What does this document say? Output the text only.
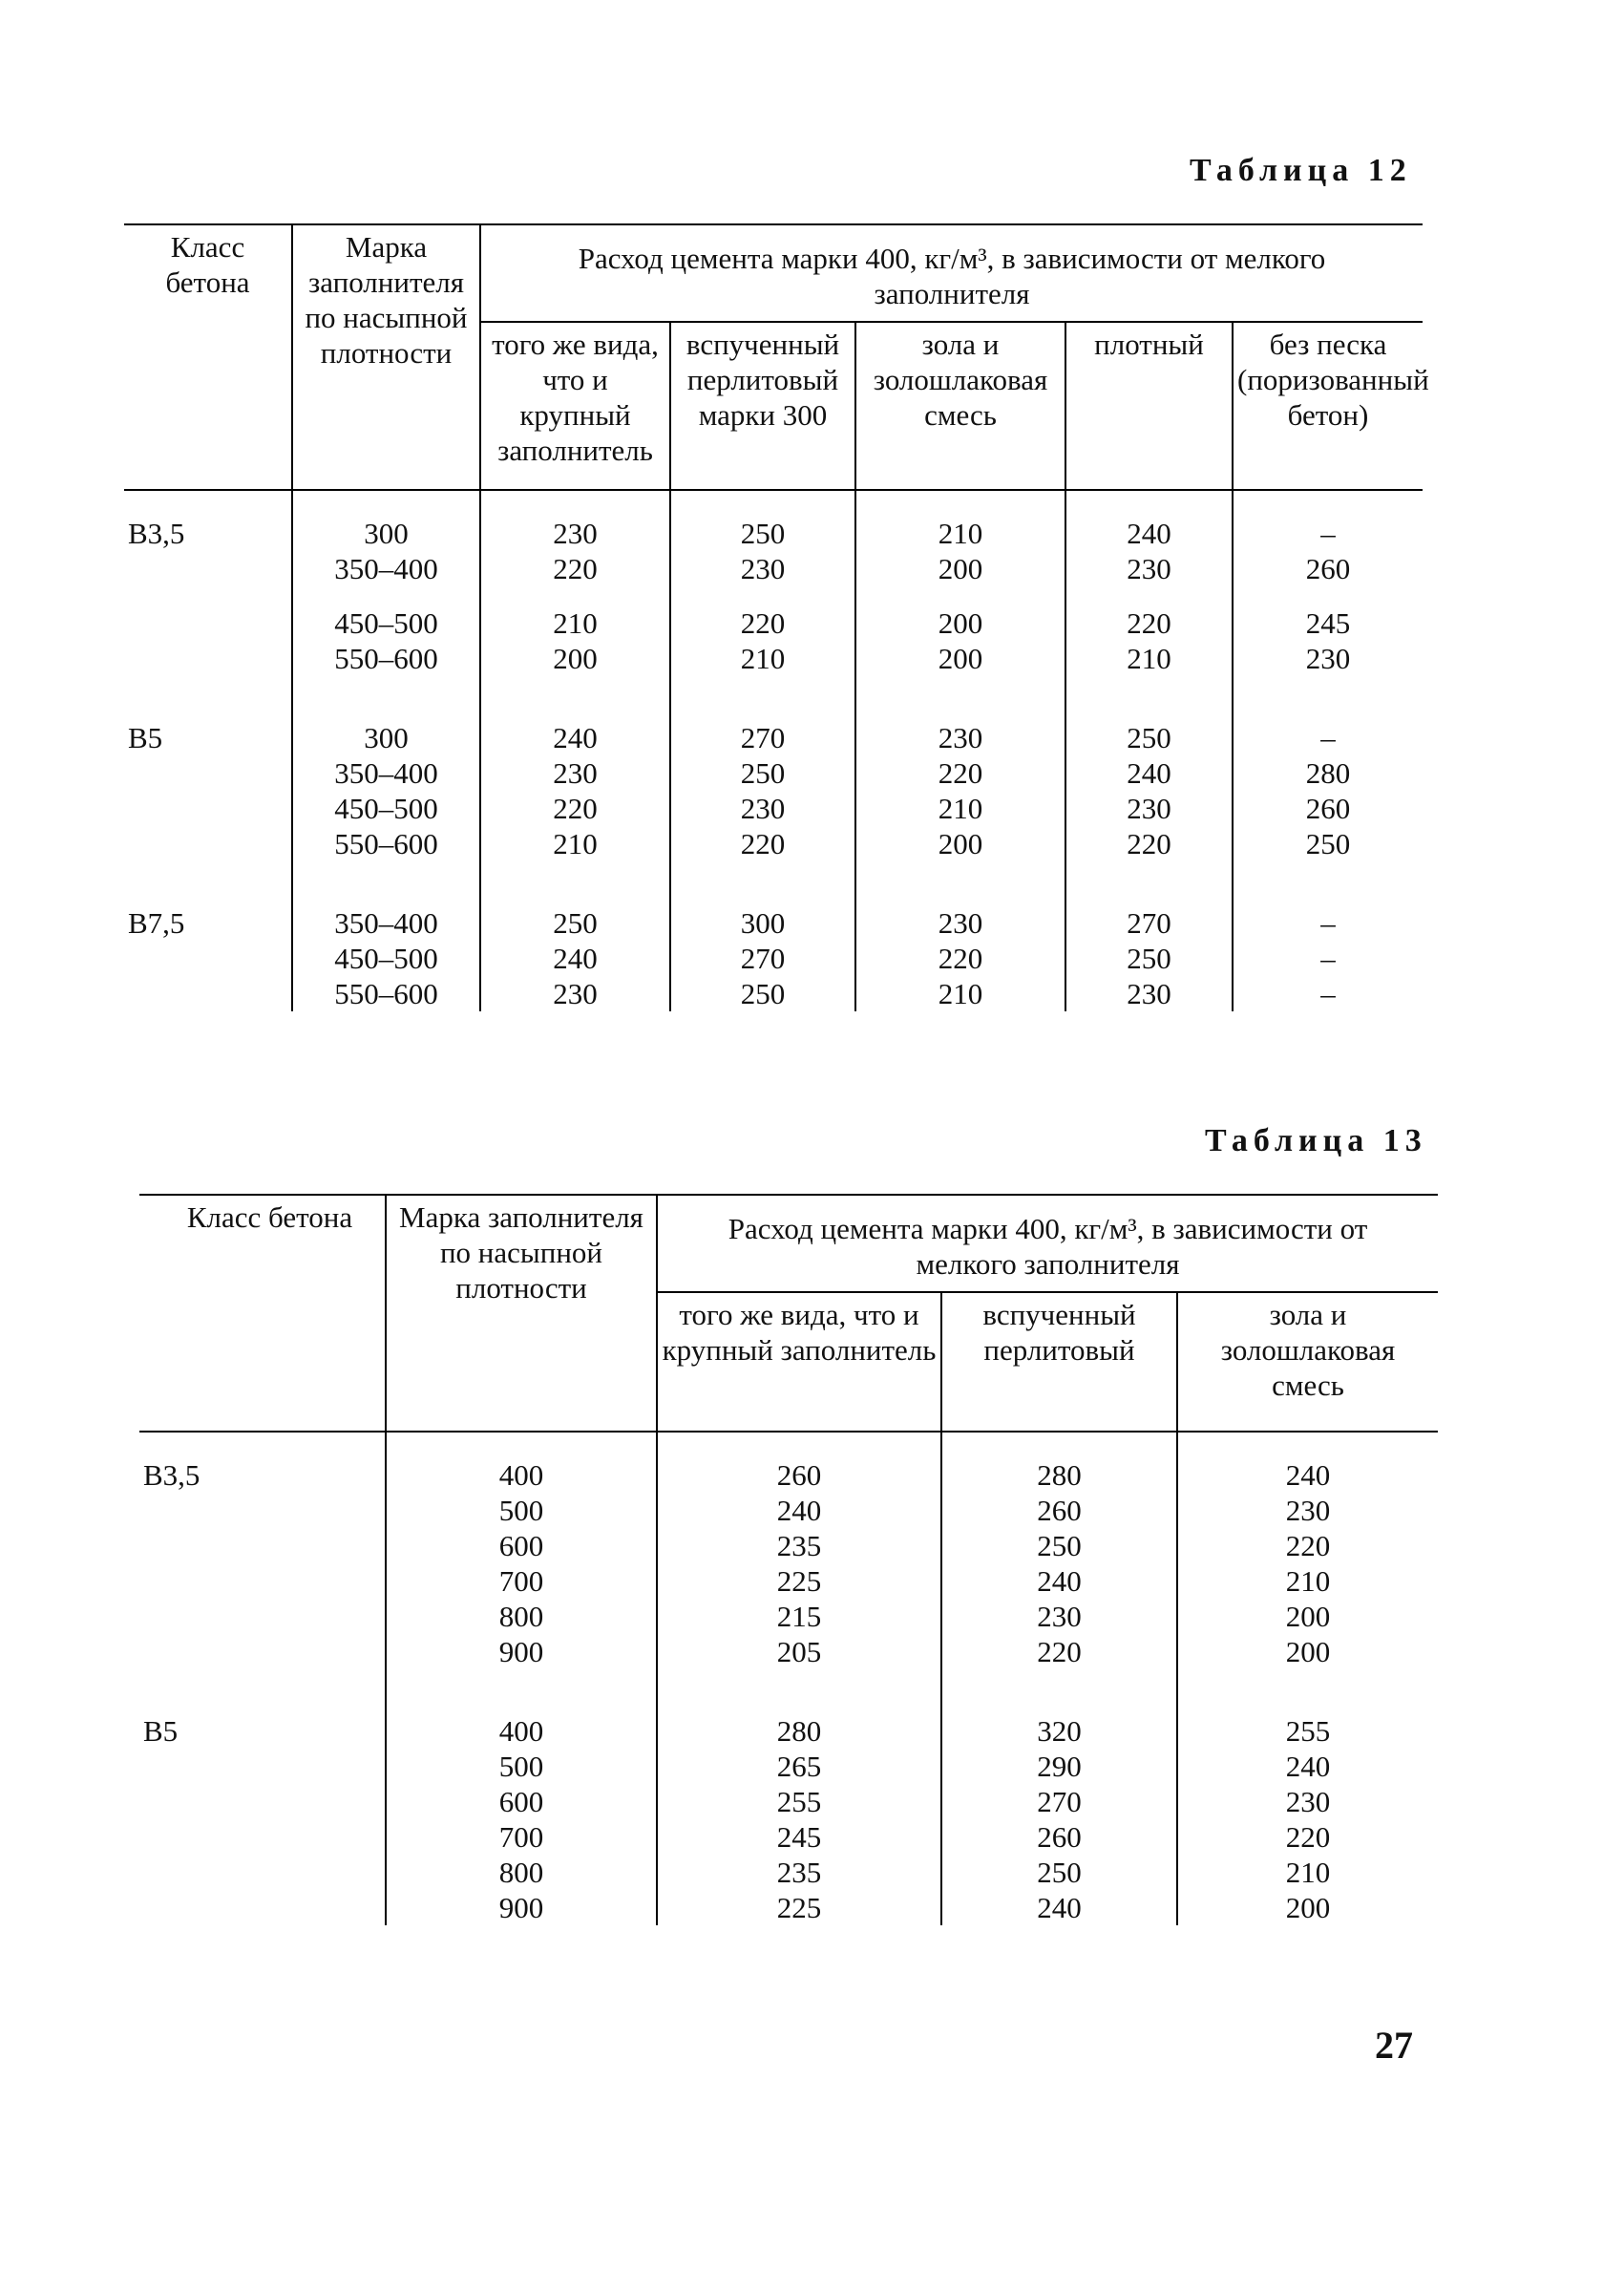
Таблица 12
Класс бетона	Марка заполнителя по насыпной плотности	Расход цемента марки 400, кг/м³, в зависимости от мелкого заполнителя				
		того же вида, что и крупный заполнитель	вспученный перлитовый марки 300	зола и золошлаковая смесь	плотный	без песка (поризованный бетон)
В3,5	300	230	250	210	240	–
	350–400	220	230	200	230	260

	450–500	210	220	200	220	245
	550–600	200	210	200	210	230

В5	300	240	270	230	250	–
	350–400	230	250	220	240	280
	450–500	220	230	210	230	260
	550–600	210	220	200	220	250

В7,5	350–400	250	300	230	270	–
	450–500	240	270	220	250	–
	550–600	230	250	210	230	–
Таблица 13
Класс бетона	Марка заполнителя по насыпной плотности	Расход цемента марки 400, кг/м³, в зависимости от мелкого заполнителя		
		того же вида, что и крупный заполнитель	вспученный перлитовый	зола и золошлаковая смесь
В3,5	400	260	280	240
	500	240	260	230
	600	235	250	220
	700	225	240	210
	800	215	230	200
	900	205	220	200

В5	400	280	320	255
	500	265	290	240
	600	255	270	230
	700	245	260	220
	800	235	250	210
	900	225	240	200
27
